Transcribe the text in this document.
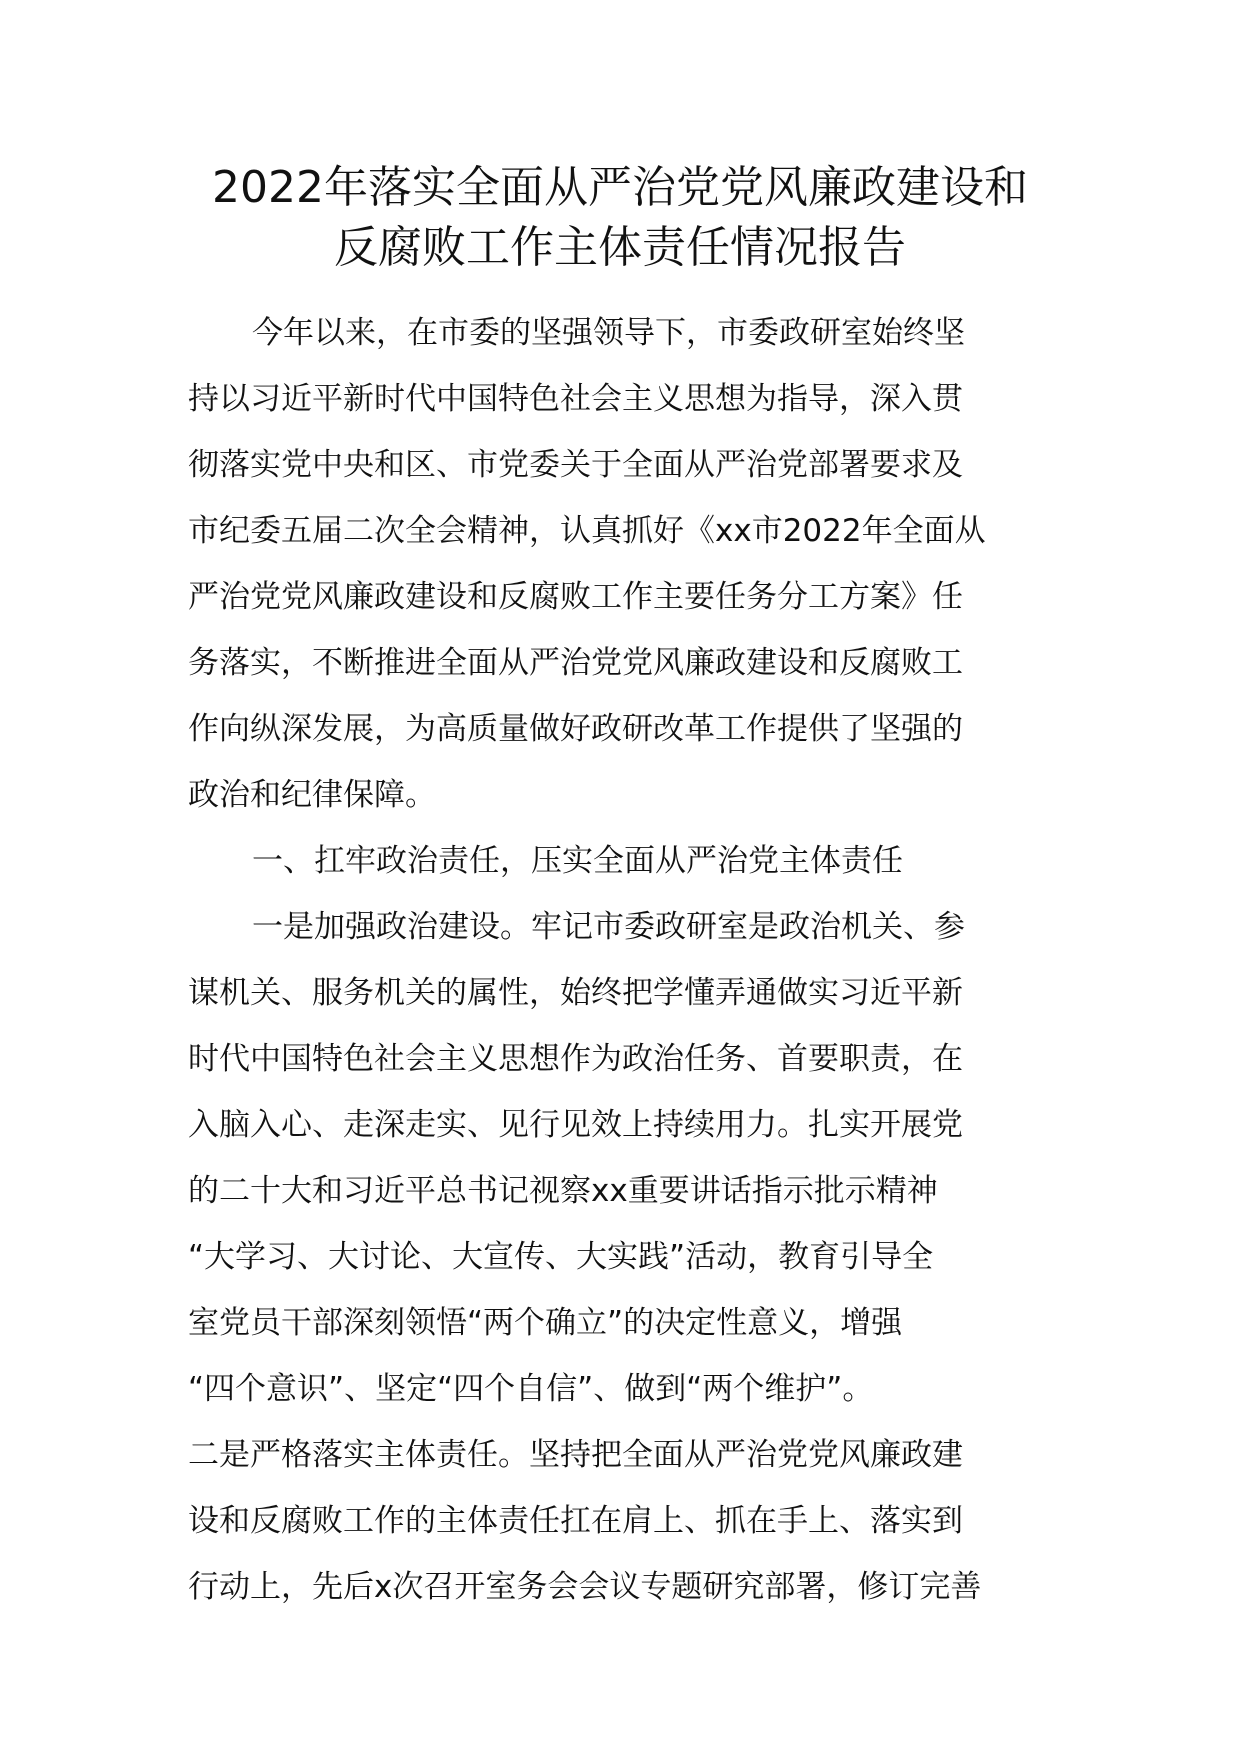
2022年落实全面从严治党党风廉政建设和
反腐败工作主体责任情况报告
今年以来，在市委的坚强领导下，市委政研室始终坚
持以习近平新时代中国特色社会主义思想为指导，深入贯
彻落实党中央和区、市党委关于全面从严治党部署要求及
市纪委五届二次全会精神，认真抓好《xx市2022年全面从
严治党党风廉政建设和反腐败工作主要任务分工方案》任
务落实，不断推进全面从严治党党风廉政建设和反腐败工
作向纵深发展，为高质量做好政研改革工作提供了坚强的
政治和纪律保障。
一、扛牢政治责任，压实全面从严治党主体责任
一是加强政治建设。牢记市委政研室是政治机关、参
谋机关、服务机关的属性，始终把学懂弄通做实习近平新
时代中国特色社会主义思想作为政治任务、首要职责，在
入脑入心、走深走实、见行见效上持续用力。扎实开展党
的二十大和习近平总书记视察xx重要讲话指示批示精神
“大学习、大讨论、大宣传、大实践”活动，教育引导全
室党员干部深刻领悟“两个确立”的决定性意义，增强
“四个意识”、坚定“四个自信”、做到“两个维护”。
二是严格落实主体责任。坚持把全面从严治党党风廉政建
设和反腐败工作的主体责任扛在肩上、抓在手上、落实到
行动上，先后x次召开室务会会议专题研究部署，修订完善
